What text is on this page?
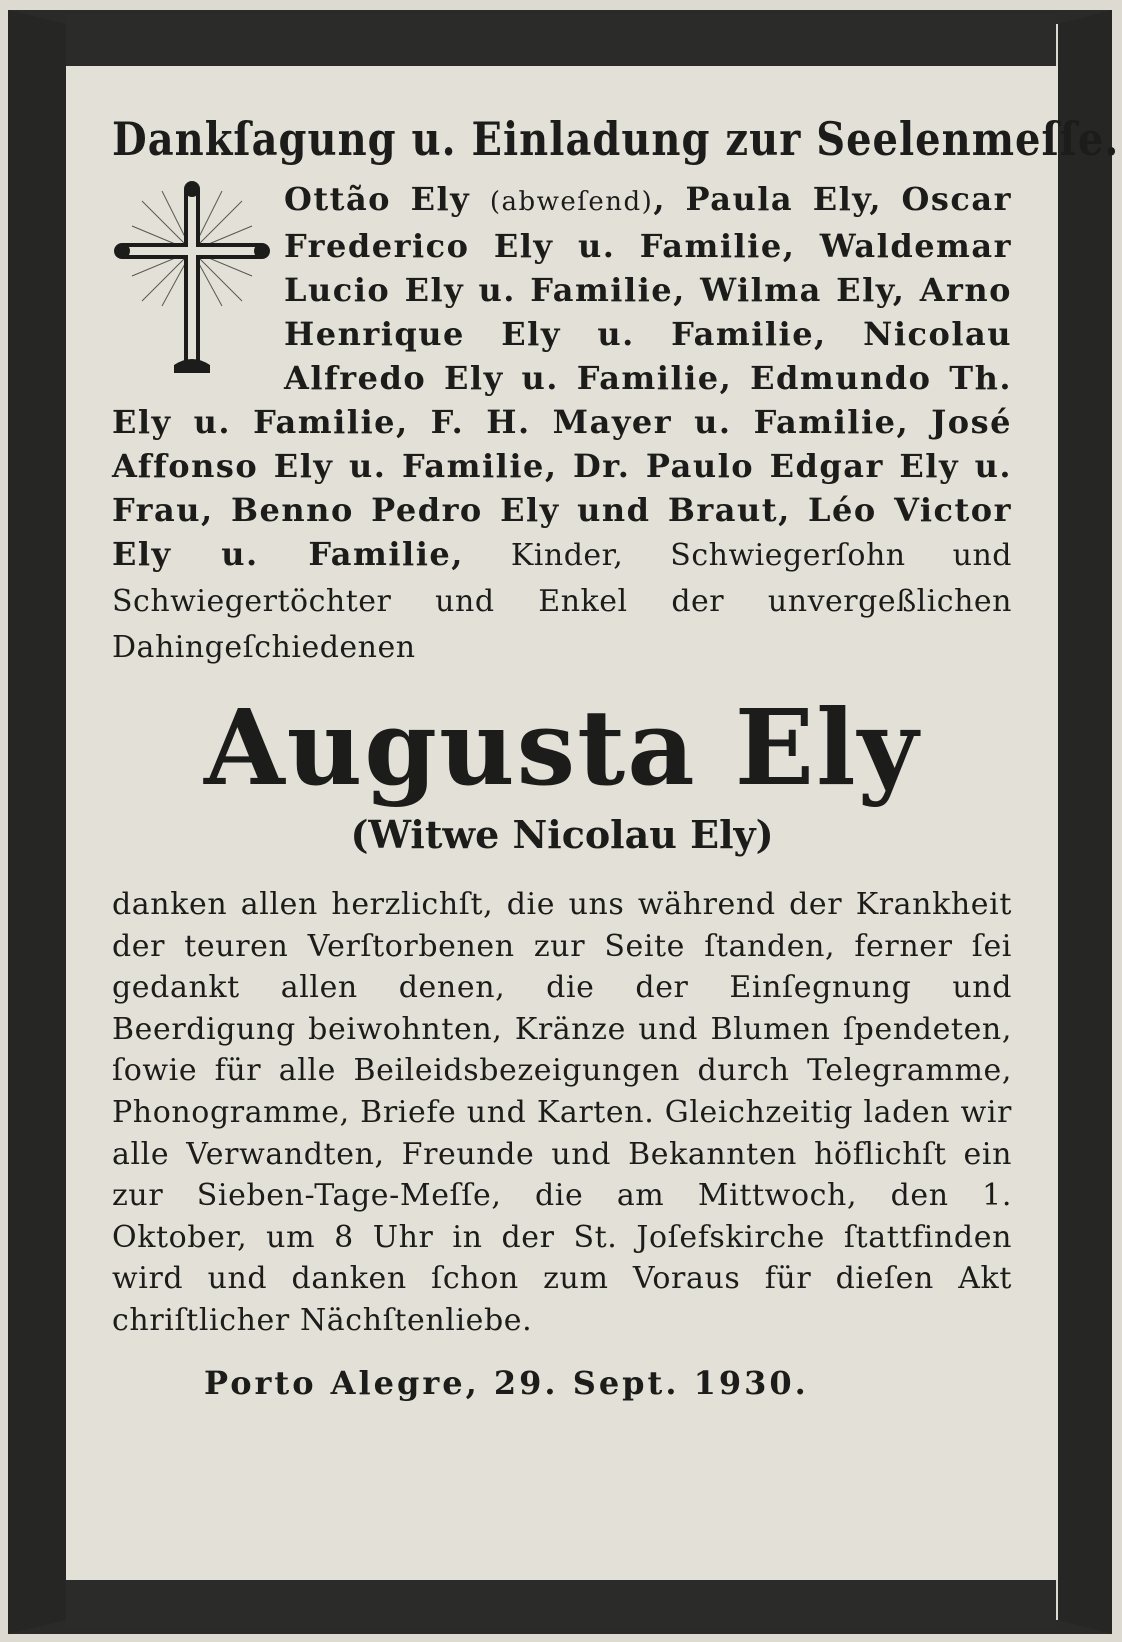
Dankſagung u. Einladung zur Seelenmeſſe.
Ottão Ely (abweſend), Paula Ely, Oscar Frederico Ely u. Familie, Waldemar Lucio Ely u. Familie, Wilma Ely, Arno Henrique Ely u. Familie, Nicolau Alfredo Ely u. Familie, Edmundo Th. Ely u. Familie, F. H. Mayer u. Familie, José Affonso Ely u. Familie, Dr. Paulo Edgar Ely u. Frau, Benno Pedro Ely und Braut, Léo Victor Ely u. Familie, Kinder, Schwiegerſohn und Schwiegertöchter und Enkel der unvergeßlichen Dahingeſchiedenen
Augusta Ely
(Witwe Nicolau Ely)
danken allen herzlichſt, die uns während der Krankheit der teuren Verſtorbenen zur Seite ſtanden, ferner ſei gedankt allen denen, die der Einſegnung und Beerdigung beiwohnten, Kränze und Blumen ſpendeten, ſowie für alle Beileidsbezeigungen durch Telegramme, Phonogramme, Briefe und Karten. Gleichzeitig laden wir alle Verwandten, Freunde und Bekannten höflichſt ein zur Sieben-Tage-Meſſe, die am Mittwoch, den 1. Oktober, um 8 Uhr in der St. Joſefskirche ſtattfinden wird und danken ſchon zum Voraus für dieſen Akt chriſtlicher Nächſtenliebe.
Porto Alegre, 29. Sept. 1930.
